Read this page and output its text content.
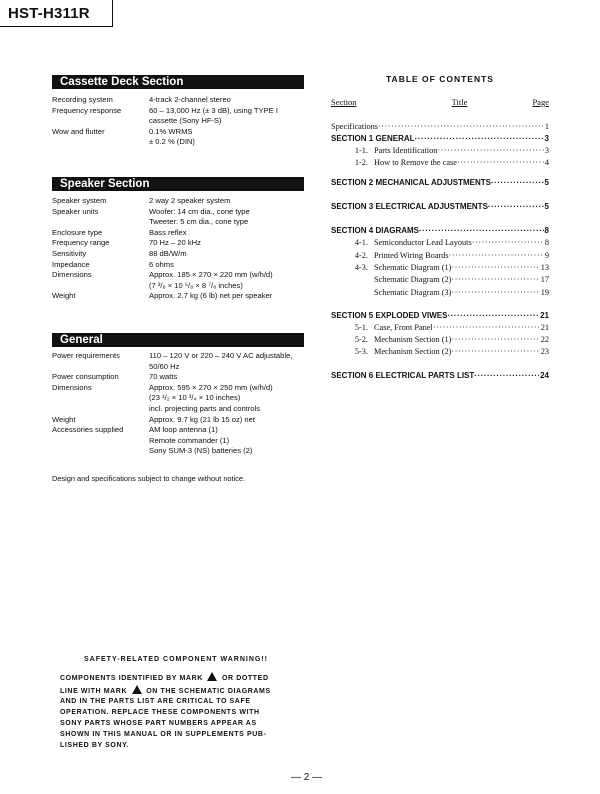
HST-H311R
Cassette Deck Section
Recording system	4-track 2-channel stereo
Frequency response	60 – 13,000 Hz (± 3 dB), using TYPE I
cassette (Sony HF-S)
Wow and flutter	0.1% WRMS
± 0.2 % (DIN)
Speaker Section
Speaker system	2 way 2 speaker system
Speaker units	Woofer: 14 cm dia., cone type
Tweeter: 5 cm dia., cone type
Enclosure type	Bass reflex
Frequency range	70 Hz – 20 kHz
Sensitivity	88 dB/W/m
Impedance	6 ohms
Dimensions	Approx. 185 × 270 × 220 mm (w/h/d)
(7 ³/₈ × 10 ⁵/₈ × 8 ⁷/₈ inches)
Weight	Approx. 2.7 kg (6 lb) net per speaker
General
Power requirements	110 – 120 V or 220 – 240 V AC adjustable,
50/60 Hz
Power consumption	70 watts
Dimensions	Approx. 595 × 270 × 250 mm (w/h/d)
(23 ¹/₂ × 10 ³/₄ × 10 inches)
incl. projecting parts and controls
Weight	Approx. 9.7 kg (21 lb 15 oz) net
Accessories supplied	AM loop antenna (1)
Remote commander (1)
Sony SUM-3 (NS) batteries (2)
Design and specifications subject to change without notice.
SAFETY-RELATED COMPONENT WARNING!!
COMPONENTS IDENTIFIED BY MARK	OR DOTTED
LINE WITH MARK	ON THE SCHEMATIC DIAGRAMS
AND IN THE PARTS LIST ARE CRITICAL TO SAFE
OPERATION. REPLACE THESE COMPONENTS WITH
SONY PARTS WHOSE PART NUMBERS APPEAR AS
SHOWN IN THIS MANUAL OR IN SUPPLEMENTS PUB-
LISHED BY SONY.
— 2 —
TABLE OF CONTENTS
Section	Title	Page
Specifications ·····	1
SECTION 1 GENERAL ·····	3
1-1. Parts Identification ·····	3
1-2. How to Remove the case ·····	4
SECTION 2 MECHANICAL ADJUSTMENTS ·····	5
SECTION 3 ELECTRICAL ADJUSTMENTS ·····	5
SECTION 4 DIAGRAMS ·····	8
4-1. Semiconductor Lead Layouts ·····	8
4-2. Printed Wiring Boards ·····	9
4-3. Schematic Diagram (1) ·····	13
Schematic Diagram (2) ·····	17
Schematic Diagram (3) ·····	19
SECTION 5 EXPLODED VIWES ·····	21
5-1. Case, Front Panel ·····	21
5-2. Mechanism Section (1) ·····	22
5-3. Mechanism Section (2) ·····	23
SECTION 6 ELECTRICAL PARTS LIST ·····	24
